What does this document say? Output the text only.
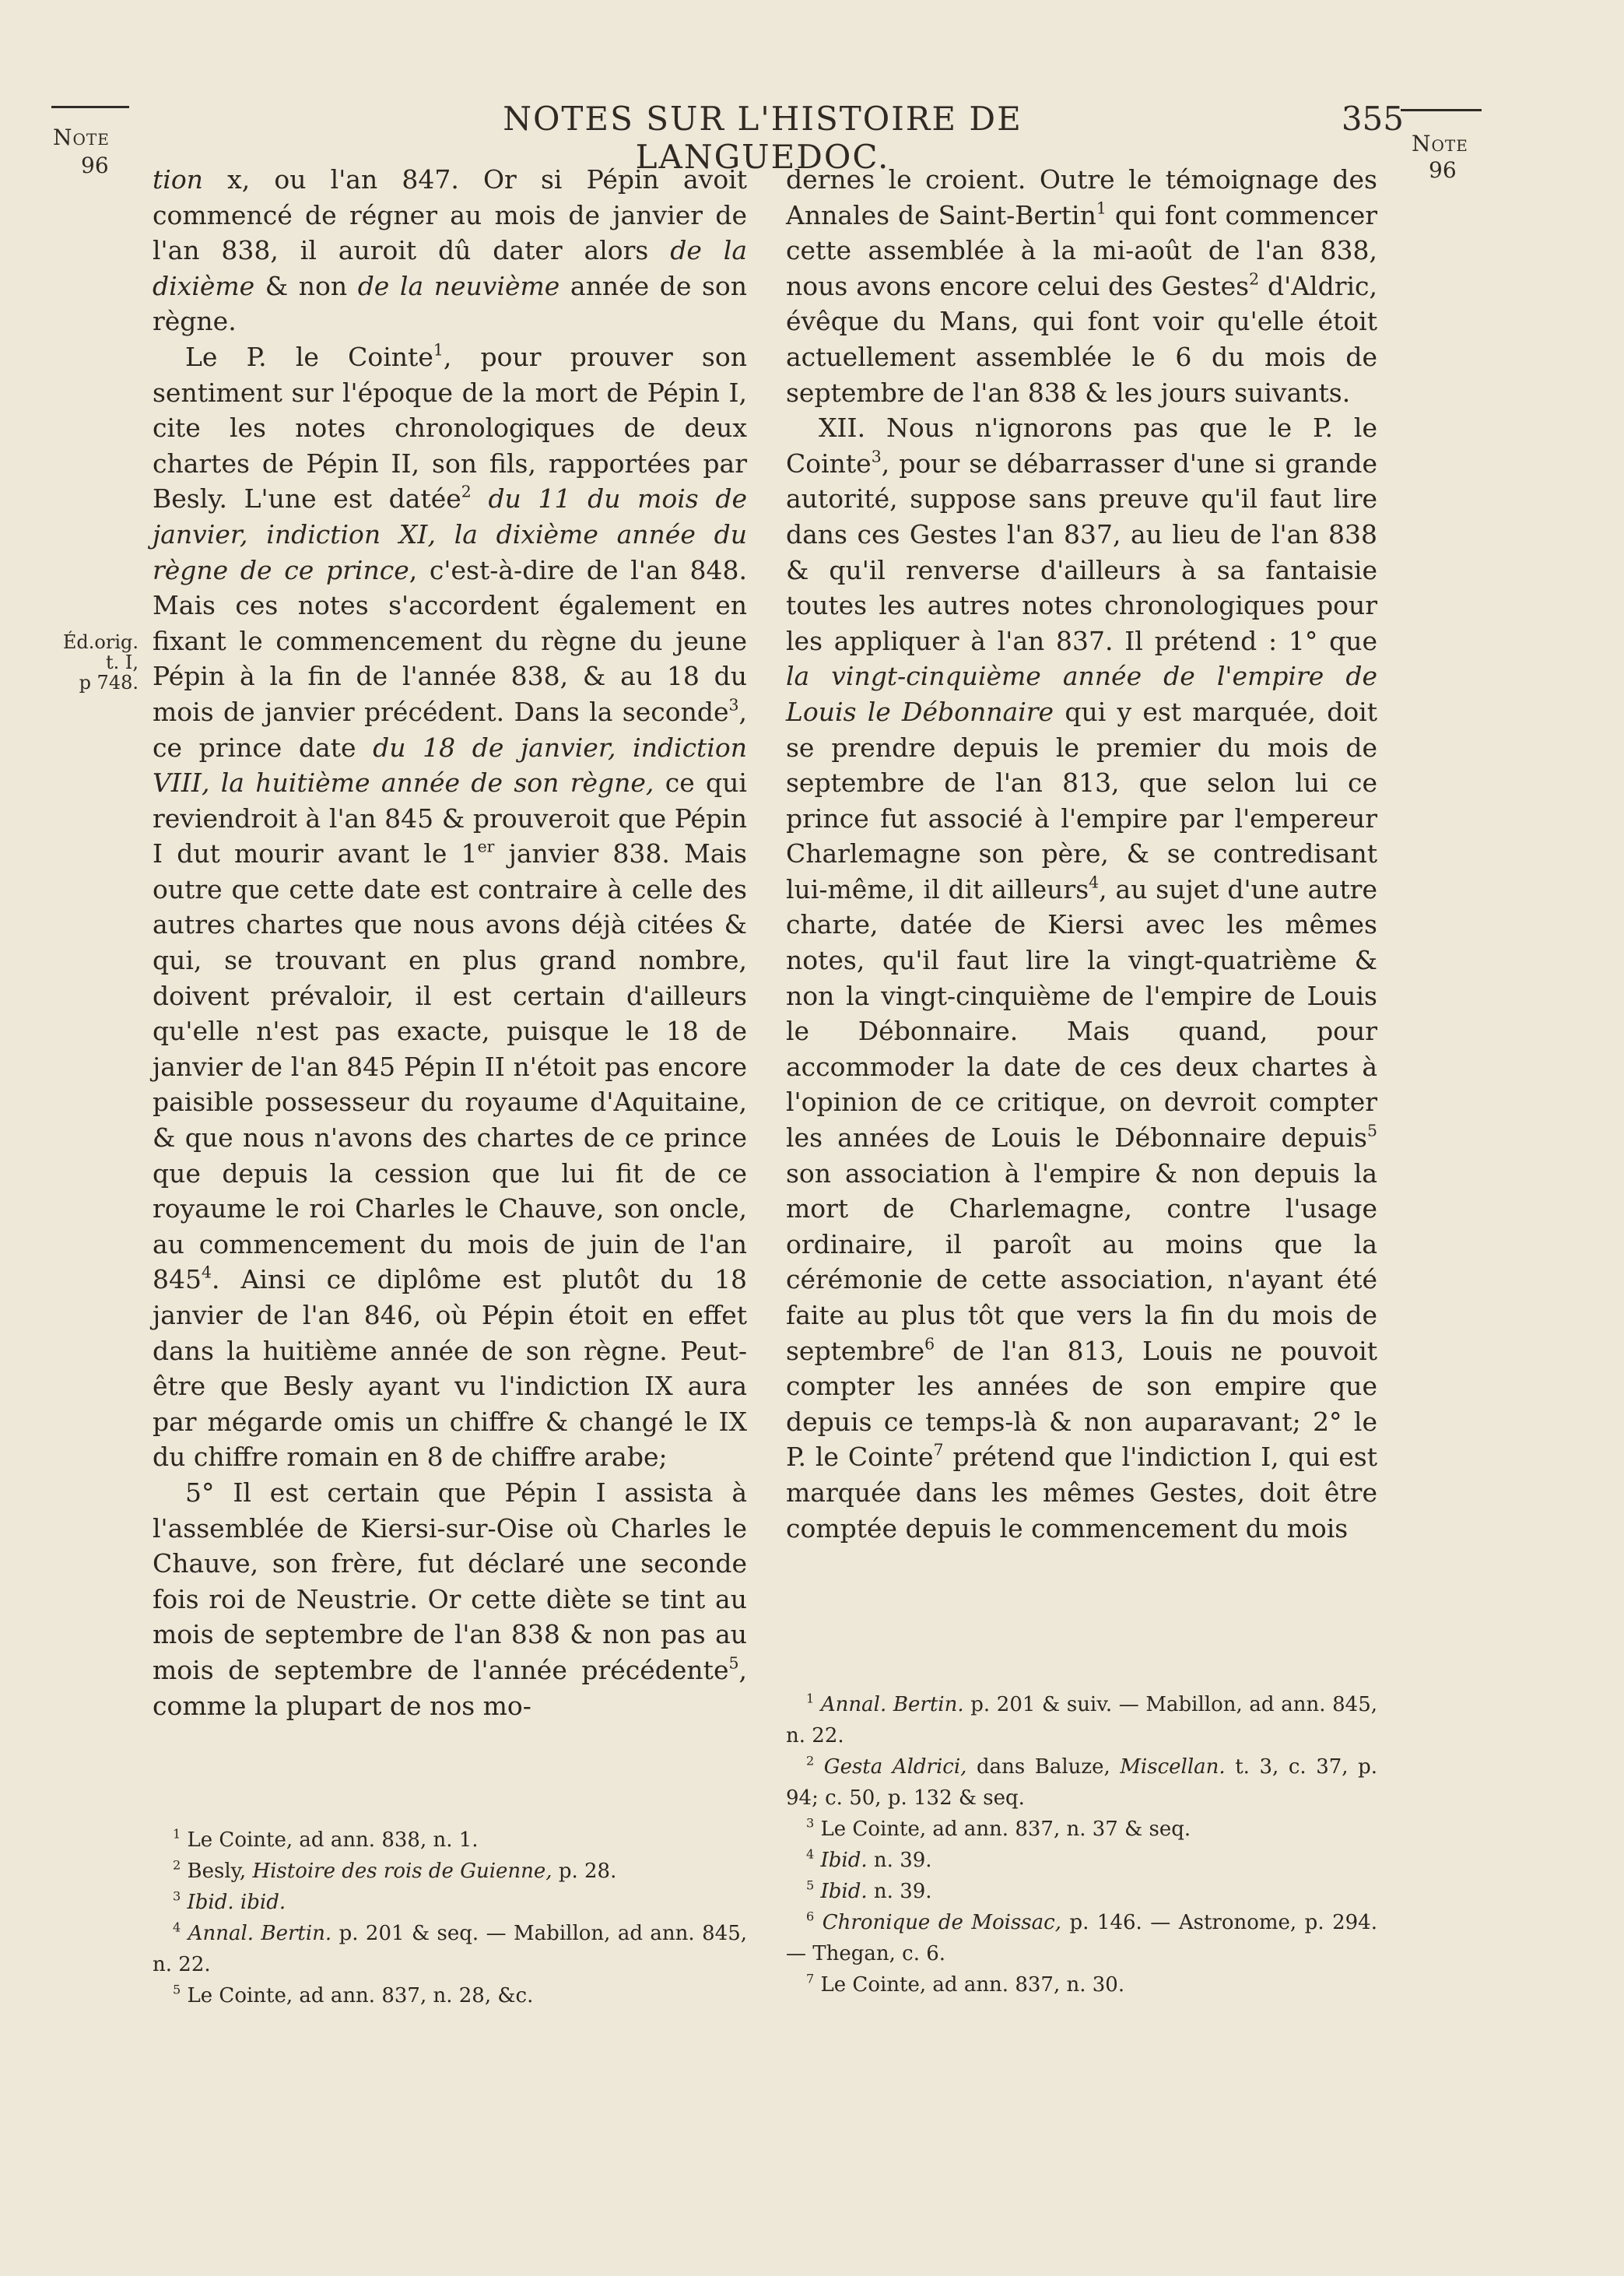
NOTES SUR L'HISTOIRE DE LANGUEDOC.
355
Note
96
Note
96
Éd.orig.
t. I,
p 748.

tion x, ou l'an 847. Or si Pépin avoit commencé de régner au mois de janvier de l'an 838, il auroit dû dater alors de la dixième & non de la neuvième année de son règne.

Le P. le Cointe$^1$, pour prouver son sentiment sur l'époque de la mort de Pépin I, cite les notes chronologiques de deux chartes de Pépin II, son fils, rapportées par Besly. L'une est datée$^2$ du 11 du mois de janvier, indiction XI, la dixième année du règne de ce prince, c'est-à-dire de l'an 848. Mais ces notes s'accordent également en fixant le commencement du règne du jeune Pépin à la fin de l'année 838, & au 18 du mois de janvier précédent. Dans la seconde$^3$, ce prince date du 18 de janvier, indiction VIII, la huitième année de son règne, ce qui reviendroit à l'an 845 & prouveroit que Pépin I dut mourir avant le 1er janvier 838. Mais outre que cette date est contraire à celle des autres chartes que nous avons déjà citées & qui, se trouvant en plus grand nombre, doivent prévaloir, il est certain d'ailleurs qu'elle n'est pas exacte, puisque le 18 de janvier de l'an 845 Pépin II n'étoit pas encore paisible possesseur du royaume d'Aquitaine, & que nous n'avons des chartes de ce prince que depuis la cession que lui fit de ce royaume le roi Charles le Chauve, son oncle, au commencement du mois de juin de l'an $845^4$. Ainsi ce diplôme est plutôt du 18 janvier de l'an 846, où Pépin étoit en effet dans la huitième année de son règne. Peut-être que Besly ayant vu l'indiction IX aura par mégarde omis un chiffre & changé le IX du chiffre romain en 8 de chiffre arabe;

5° Il est certain que Pépin I assista à l'assemblée de Kiersi-sur-Oise où Charles le Chauve, son frère, fut déclaré une seconde fois roi de Neustrie. Or cette diète se tint au mois de septembre de l'an 838 & non pas au mois de septembre de l'année précédente$^5$, comme la plupart de nos mo-

$^1$ Le Cointe, ad ann. 838, n. 1.
$^2$ Besly, Histoire des rois de Guienne, p. 28.
$^3$ Ibid. ibid.
$^4$ Annal. Bertin. p. 201 & seq. — Mabillon, ad ann. 845, n. 22.
$^5$ Le Cointe, ad ann. 837, n. 28, &c.

dernes le croient. Outre le témoignage des Annales de Saint-Bertin$^1$ qui font commencer cette assemblée à la mi-août de l'an 838, nous avons encore celui des Gestes$^2$ d'Aldric, évêque du Mans, qui font voir qu'elle étoit actuellement assemblée le 6 du mois de septembre de l'an 838 & les jours suivants.

XII. Nous n'ignorons pas que le P. le Cointe$^3$, pour se débarrasser d'une si grande autorité, suppose sans preuve qu'il faut lire dans ces Gestes l'an 837, au lieu de l'an 838 & qu'il renverse d'ailleurs à sa fantaisie toutes les autres notes chronologiques pour les appliquer à l'an 837. Il prétend : 1° que la vingt-cinquième année de l'empire de Louis le Débonnaire qui y est marquée, doit se prendre depuis le premier du mois de septembre de l'an 813, que selon lui ce prince fut associé à l'empire par l'empereur Charlemagne son père, & se contredisant lui-même, il dit ailleurs$^4$, au sujet d'une autre charte, datée de Kiersi avec les mêmes notes, qu'il faut lire la vingt-quatrième & non la vingt-cinquième de l'empire de Louis le Débonnaire. Mais quand, pour accommoder la date de ces deux chartes à l'opinion de ce critique, on devroit compter les années de Louis le Débonnaire depuis$^5$ son association à l'empire & non depuis la mort de Charlemagne, contre l'usage ordinaire, il paroît au moins que la cérémonie de cette association, n'ayant été faite au plus tôt que vers la fin du mois de septembre$^6$ de l'an 813, Louis ne pouvoit compter les années de son empire que depuis ce temps-là & non auparavant; 2° le P. le Cointe$^7$ prétend que l'indiction I, qui est marquée dans les mêmes Gestes, doit être comptée depuis le commencement du mois

$^1$ Annal. Bertin. p. 201 & suiv. — Mabillon, ad ann. 845, n. 22.
$^2$ Gesta Aldrici, dans Baluze, Miscellan. t. 3, c. 37, p. 94; c. 50, p. 132 & seq.
$^3$ Le Cointe, ad ann. 837, n. 37 & seq.
$^4$ Ibid. n. 39.
$^5$ Ibid. n. 39.
$^6$ Chronique de Moissac, p. 146. — Astronome, p. 294. — Thegan, c. 6.
$^7$ Le Cointe, ad ann. 837, n. 30.
